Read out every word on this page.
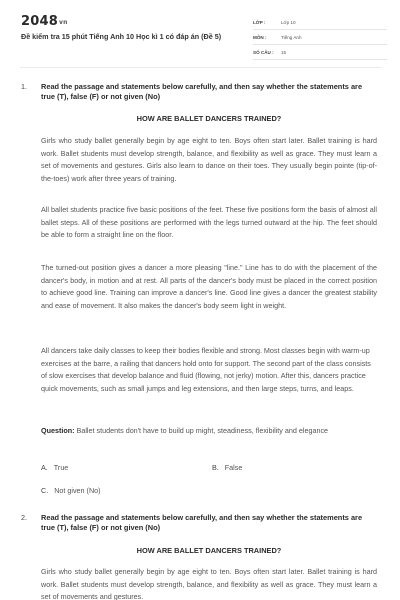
2048vn
Đề kiểm tra 15 phút Tiếng Anh 10 Học kì 1 có đáp án (Đề 5)
LỚP :	Lớp 10
MÔN :	Tiếng Anh
SỐ CÂU :	15
1. Read the passage and statements below carefully, and then say whether the statements are true (T), false (F) or not given (No)
HOW ARE BALLET DANCERS TRAINED?
Girls who study ballet generally begin by age eight to ten. Boys often start later. Ballet training is hard work. Ballet students must develop strength, balance, and flexibility as well as grace. They must learn a set of movements and gestures. Girls also learn to dance on their toes. They usually begin pointe (tip-of-the-toes) work after three years of training.
All ballet students practice five basic positions of the feet. These five positions form the basis of almost all ballet steps. All of these positions are performed with the legs turned outward at the hip. The feet should be able to form a straight line on the floor.
The turned-out position gives a dancer a more pleasing "line." Line has to do with the placement of the dancer's body, in motion and at rest. All parts of the dancer's body must be placed in the correct position to achieve good line. Training can improve a dancer's line. Good line gives a dancer the greatest stability and ease of movement. It also makes the dancer's body seem light in weight.
All dancers take daily classes to keep their bodies flexible and strong. Most classes begin with warm-up exercises at the barre, a railing that dancers hold onto for support. The second part of the class consists of slow exercises that develop balance and fluid (flowing, not jerky) motion. After this, dancers practice quick movements, such as small jumps and leg extensions, and then large steps, turns, and leaps.
Question: Ballet students don't have to build up might, steadiness, flexibility and elegance
A. True	B. False
C. Not given (No)
2. Read the passage and statements below carefully, and then say whether the statements are true (T), false (F) or not given (No)
HOW ARE BALLET DANCERS TRAINED?
Girls who study ballet generally begin by age eight to ten. Boys often start later. Ballet training is hard work. Ballet students must develop strength, balance, and flexibility as well as grace. They must learn a set of movements and gestures.
